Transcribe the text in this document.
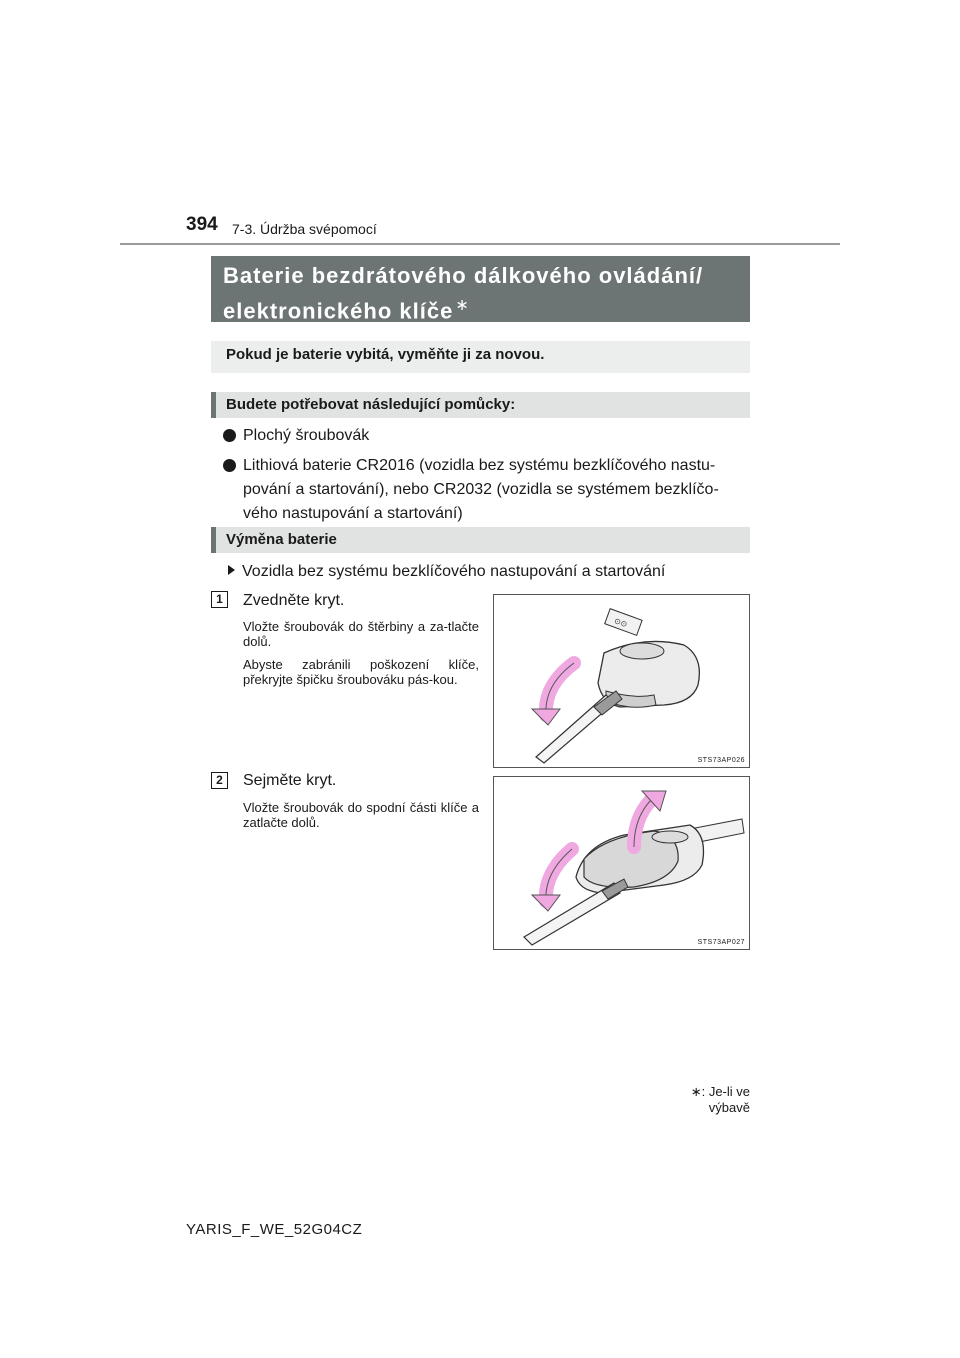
394 7-3. Údržba svépomocí
Baterie bezdrátového dálkového ovládání/
elektronického klíče ∗
Pokud je baterie vybitá, vyměňte ji za novou.
Budete potřebovat následující pomůcky:
Plochý šroubovák
Lithiová baterie CR2016 (vozidla bez systému bezklíčového nastu-pování a startování), nebo CR2032 (vozidla se systémem bezklíčo-vého nastupování a startování)
Výměna baterie
Vozidla bez systému bezklíčového nastupování a startování
1	Zvedněte kryt.

Vložte šroubovák do štěrbiny a za-tlačte dolů.

Abyste zabránili poškození klíče, překryjte špičku šroubováku pás-kou.

⊙⊙
STS73AP026
2	Sejměte kryt.

Vložte šroubovák do spodní části klíče a zatlačte dolů.

STS73AP027
∗: Je-li ve výbavě
YARIS_F_WE_52G04CZ
